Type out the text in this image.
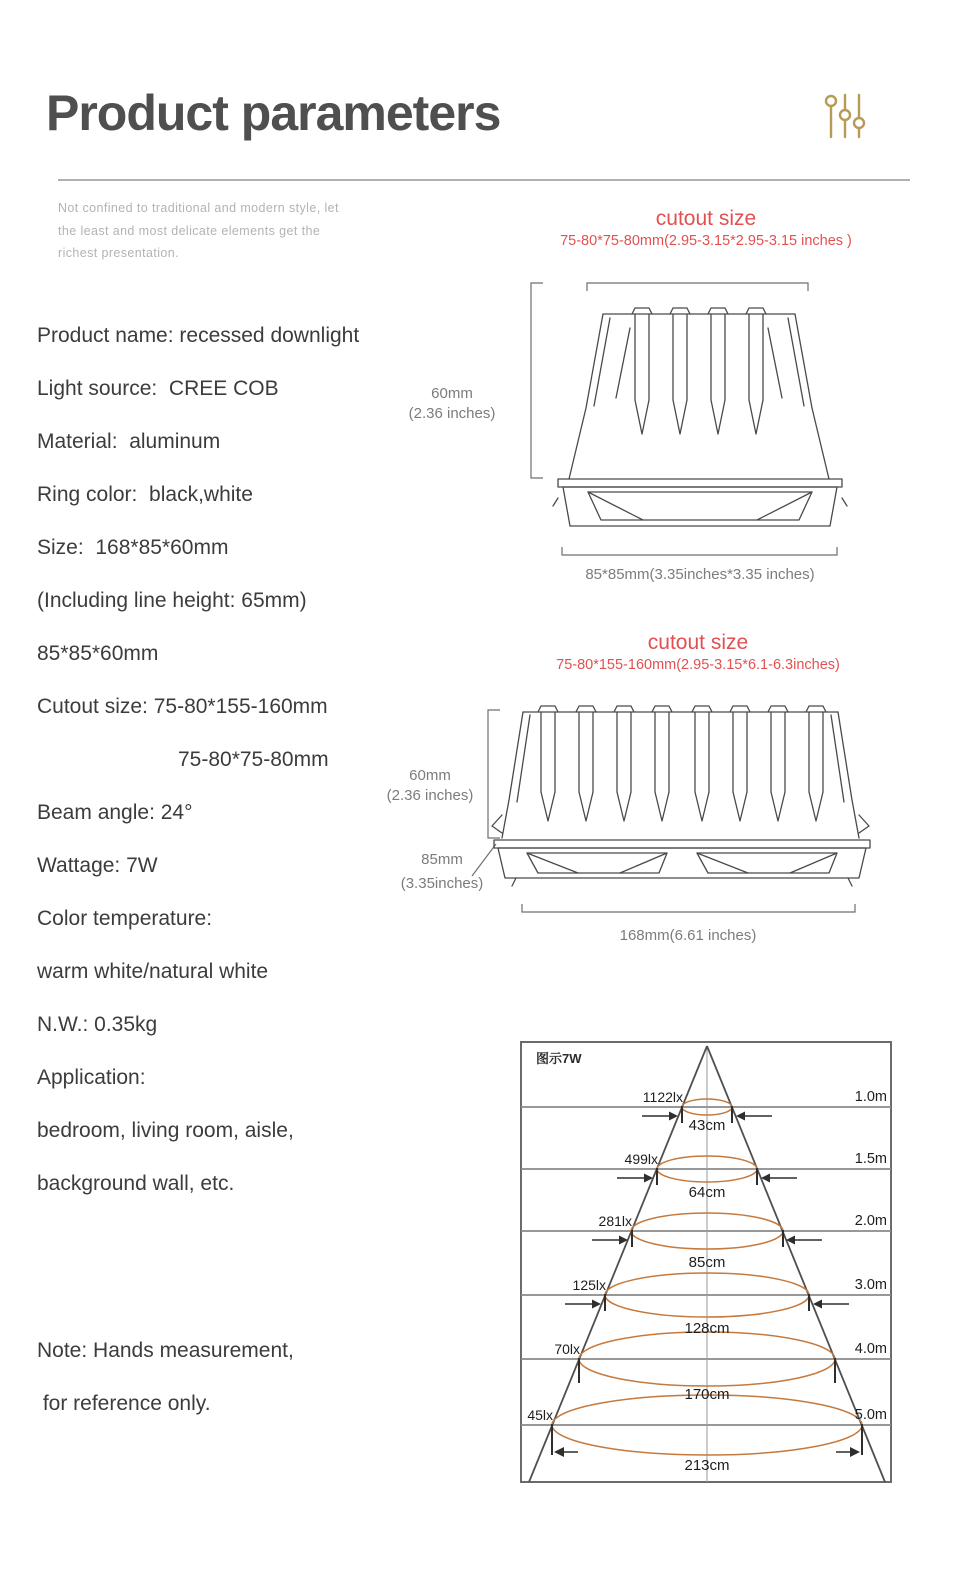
Product parameters
Not confined to traditional and modern style, let
the least and most delicate elements get the
richest presentation.
cutout size
75-80*75-80mm(2.95-3.15*2.95-3.15 inches )
Product name: recessed downlight
Light source:  CREE COB
Material:  aluminum
Ring color:  black,white
Size:  168*85*60mm
(Including line height: 65mm)
85*85*60mm
Cutout size: 75-80*155-160mm
75-80*75-80mm
Beam angle: 24°
Wattage: 7W
Color temperature:
warm white/natural white
N.W.: 0.35kg
Application:
bedroom, living room, aisle,
background wall, etc.
Note: Hands measurement,
for reference only.
60mm
(2.36 inches)
85*85mm(3.35inches*3.35 inches)
cutout size
75-80*155-160mm(2.95-3.15*6.1-6.3inches)
60mm
(2.36 inches)
85mm
(3.35inches)
168mm(6.61 inches)
1122lx
499lx
281lx
125lx
70lx
45lx
43cm
64cm
85cm
128cm
170cm
213cm
1.0m
1.5m
2.0m
3.0m
4.0m
5.0m
图示7W
